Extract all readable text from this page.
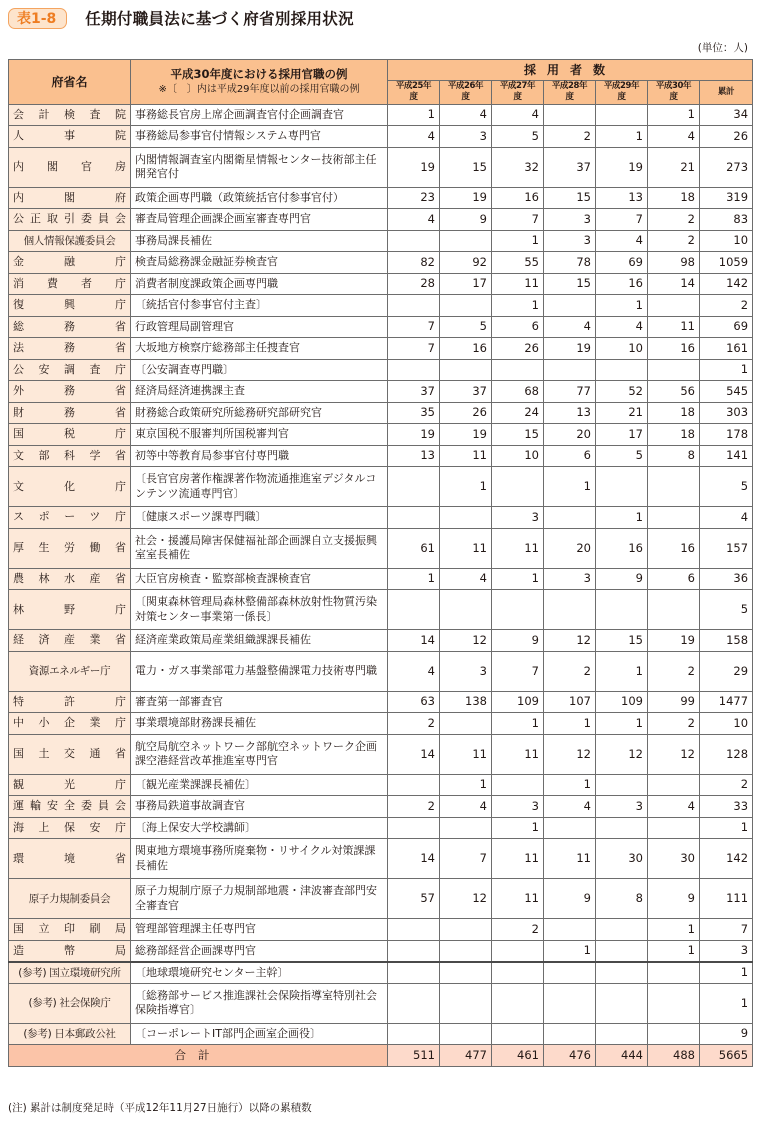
表1-8	任期付職員法に基づく府省別採用状況
(単位：人)
府省名	平成30年度における採用官職の例
※〔　〕内は平成29年度以前の採用官職の例	採用者数						
		平成25年度	平成26年度	平成27年度	平成28年度	平成29年度	平成30年度	累計
会計検査院	事務総長官房上席企画調査官付企画調査官	1	4	4			1	34
人事院	事務総局参事官付情報システム専門官	4	3	5	2	1	4	26
内閣官房	内閣情報調査室内閣衛星情報センター技術部主任開発官付	19	15	32	37	19	21	273
内閣府	政策企画専門職（政策統括官付参事官付）	23	19	16	15	13	18	319
公正取引委員会	審査局管理企画課企画室審査専門官	4	9	7	3	7	2	83
個人情報保護委員会	事務局課長補佐			1	3	4	2	10
金融庁	検査局総務課金融証券検査官	82	92	55	78	69	98	1059
消費者庁	消費者制度課政策企画専門職	28	17	11	15	16	14	142
復興庁	〔統括官付参事官付主査〕			1		1		2
総務省	行政管理局副管理官	7	5	6	4	4	11	69
法務省	大坂地方検察庁総務部主任捜査官	7	16	26	19	10	16	161
公安調査庁	〔公安調査専門職〕							1
外務省	経済局経済連携課主査	37	37	68	77	52	56	545
財務省	財務総合政策研究所総務研究部研究官	35	26	24	13	21	18	303
国税庁	東京国税不服審判所国税審判官	19	19	15	20	17	18	178
文部科学省	初等中等教育局参事官付専門職	13	11	10	6	5	8	141
文化庁	〔長官官房著作権課著作物流通推進室デジタルコンテンツ流通専門官〕		1		1			5
スポーツ庁	〔健康スポーツ課専門職〕			3		1		4
厚生労働省	社会・援護局障害保健福祉部企画課自立支援振興室室長補佐	61	11	11	20	16	16	157
農林水産省	大臣官房検査・監察部検査課検査官	1	4	1	3	9	6	36
林野庁	〔関東森林管理局森林整備部森林放射性物質汚染対策センター事業第一係長〕							5
経済産業省	経済産業政策局産業組織課課長補佐	14	12	9	12	15	19	158
資源エネルギー庁	電力・ガス事業部電力基盤整備課電力技術専門職	4	3	7	2	1	2	29
特許庁	審査第一部審査官	63	138	109	107	109	99	1477
中小企業庁	事業環境部財務課長補佐	2		1	1	1	2	10
国土交通省	航空局航空ネットワーク部航空ネットワーク企画課空港経営改革推進室専門官	14	11	11	12	12	12	128
観光庁	〔観光産業課課長補佐〕		1		1			2
運輸安全委員会	事務局鉄道事故調査官	2	4	3	4	3	4	33
海上保安庁	〔海上保安大学校講師〕			1				1
環境省	関東地方環境事務所廃棄物・リサイクル対策課課長補佐	14	7	11	11	30	30	142
原子力規制委員会	原子力規制庁原子力規制部地震・津波審査部門安全審査官	57	12	11	9	8	9	111
国立印刷局	管理部管理課主任専門官			2			1	7
造幣局	総務部経営企画課専門官				1		1	3
(参考) 国立環境研究所	〔地球環境研究センター主幹〕							1
(参考) 社会保険庁	〔総務部サービス推進課社会保険指導室特別社会保険指導官〕							1
(参考) 日本郵政公社	〔コーポレートIT部門企画室企画役〕							9
合計		511	477	461	476	444	488	5665
(注) 累計は制度発足時（平成12年11月27日施行）以降の累積数
